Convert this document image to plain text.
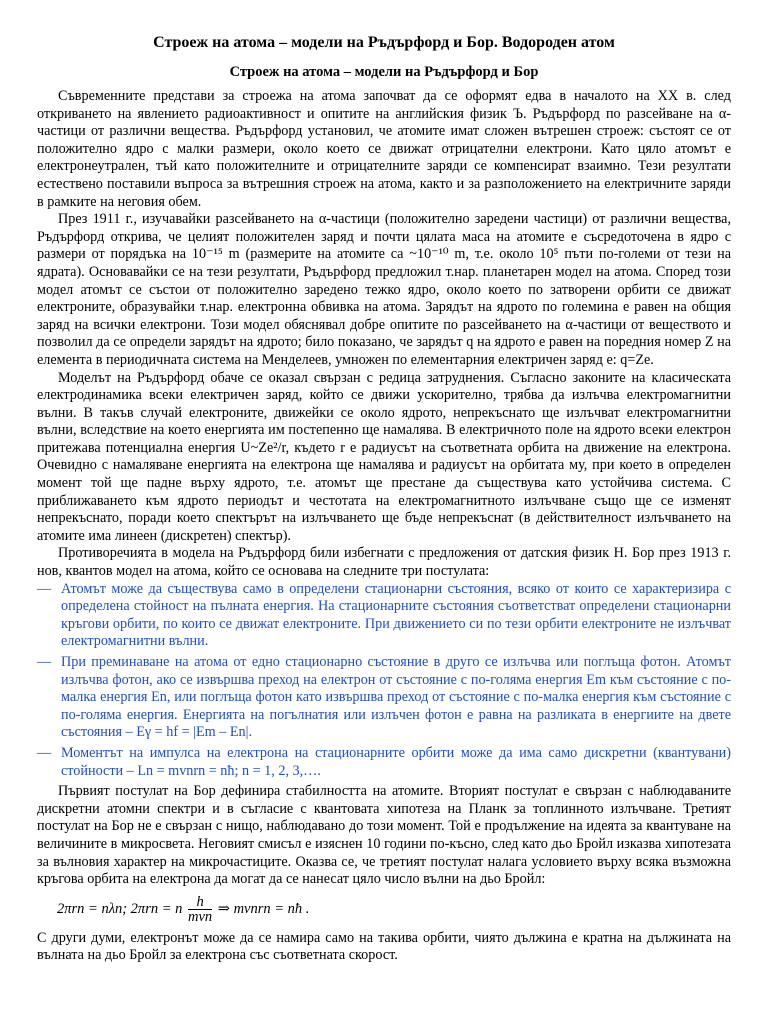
Строеж на атома – модели на Ръдърфорд и Бор. Водороден атом
Строеж на атома – модели на Ръдърфорд и Бор

Съвременните представи за строежа на атома започват да се оформят едва в началото на XX в. след откриването на явлението радиоактивност и опитите на английския физик Ъ. Ръдърфорд по разсейване на α-частици от различни вещества. Ръдърфорд установил, че атомите имат сложен вътрешен строеж: състоят се от положително ядро с малки размери, около което се движат отрицателни електрони. Като цяло атомът е електронеутрален, тъй като положителните и отрицателните заряди се компенсират взаимно. Тези резултати естествено поставили въпроса за вътрешния строеж на атома, както и за разположението на електричните заряди в рамките на неговия обем.

През 1911 г., изучавайки разсейването на α-частици (положително заредени частици) от различни вещества, Ръдърфорд открива, че целият положителен заряд и почти цялата маса на атомите е съсредоточена в ядро с размери от порядъка на 10⁻¹⁵ m (размерите на атомите са ~10⁻¹⁰ m, т.е. около 10⁵ пъти по-големи от тези на ядрата). Основавайки се на тези резултати, Ръдърфорд предложил т.нар. планетарен модел на атома. Според този модел атомът се състои от положително заредено тежко ядро, около което по затворени орбити се движат електроните, образувайки т.нар. електронна обвивка на атома. Зарядът на ядрото по големина е равен на общия заряд на всички електрони. Този модел обяснявал добре опитите по разсейването на α-частици от веществото и позволил да се определи зарядът на ядрото; било показано, че зарядът q на ядрото е равен на поредния номер Z на елемента в периодичната система на Менделеев, умножен по елементарния електричен заряд e: q=Ze.

Моделът на Ръдърфорд обаче се оказал свързан с редица затруднения. Съгласно законите на класическата електродинамика всеки електричен заряд, който се движи ускорително, трябва да излъчва електромагнитни вълни. В такъв случай електроните, движейки се около ядрото, непрекъснато ще излъчват електромагнитни вълни, вследствие на което енергията им постепенно ще намалява. В електричното поле на ядрото всеки електрон притежава потенциална енергия U~Ze²/r, където r е радиусът на съответната орбита на движение на електрона. Очевидно с намаляване енергията на електрона ще намалява и радиусът на орбитата му, при което в определен момент той ще падне върху ядрото, т.е. атомът ще престане да съществува като устойчива система. С приближаването към ядрото периодът и честотата на електромагнитното излъчване също ще се изменят непрекъснато, поради което спектърът на излъчването ще бъде непрекъснат (в действителност излъчването на атомите има линеен (дискретен) спектър).

Противоречията в модела на Ръдърфорд били избегнати с предложения от датския физик Н. Бор през 1913 г. нов, квантов модел на атома, който се основава на следните три постулата:

— Атомът може да съществува само в определени стационарни състояния, всяко от които се характеризира с определена стойност на пълната енергия. На стационарните състояния съответстват определени стационарни кръгови орбити, по които се движат електроните. При движението си по тези орбити електроните не излъчват електромагнитни вълни.
— При преминаване на атома от едно стационарно състояние в друго се излъчва или поглъща фотон. Атомът излъчва фотон, ако се извършва преход на електрон от състояние с по-голяма енергия Em към състояние с по-малка енергия En, или поглъща фотон като извършва преход от състояние с по-малка енергия към състояние с по-голяма енергия. Енергията на погълнатия или излъчен фотон е равна на разликата в енергиите на двете състояния – Eγ = hf = |Em – En|.
— Моментът на импулса на електрона на стационарните орбити може да има само дискретни (квантувани) стойности – Ln = mvnrn = nħ; n = 1, 2, 3,….

Първият постулат на Бор дефинира стабилността на атомите. Вторият постулат е свързан с наблюдаваните дискретни атомни спектри и в съгласие с квантовата хипотеза на Планк за топлинното излъчване. Третият постулат на Бор не е свързан с нищо, наблюдавано до този момент. Той е продължение на идеята за квантуване на величините в микросвета. Неговият смисъл е изяснен 10 години по-късно, след като дьо Бройл изказва хипотезата за вълновия характер на микрочастиците. Оказва се, че третият постулат налага условието върху всяка възможна кръгова орбита на електрона да могат да се нанесат цяло число вълни на дьо Бройл:

2πrn = nλn; 2πrn = n $\frac{h}{\text{mvn}}$ ⇒ mvnrn = nħ .

С други думи, електронът може да се намира само на такива орбити, чиято дължина е кратна на дължината на вълната на дьо Бройл за електрона със съответната скорост.
